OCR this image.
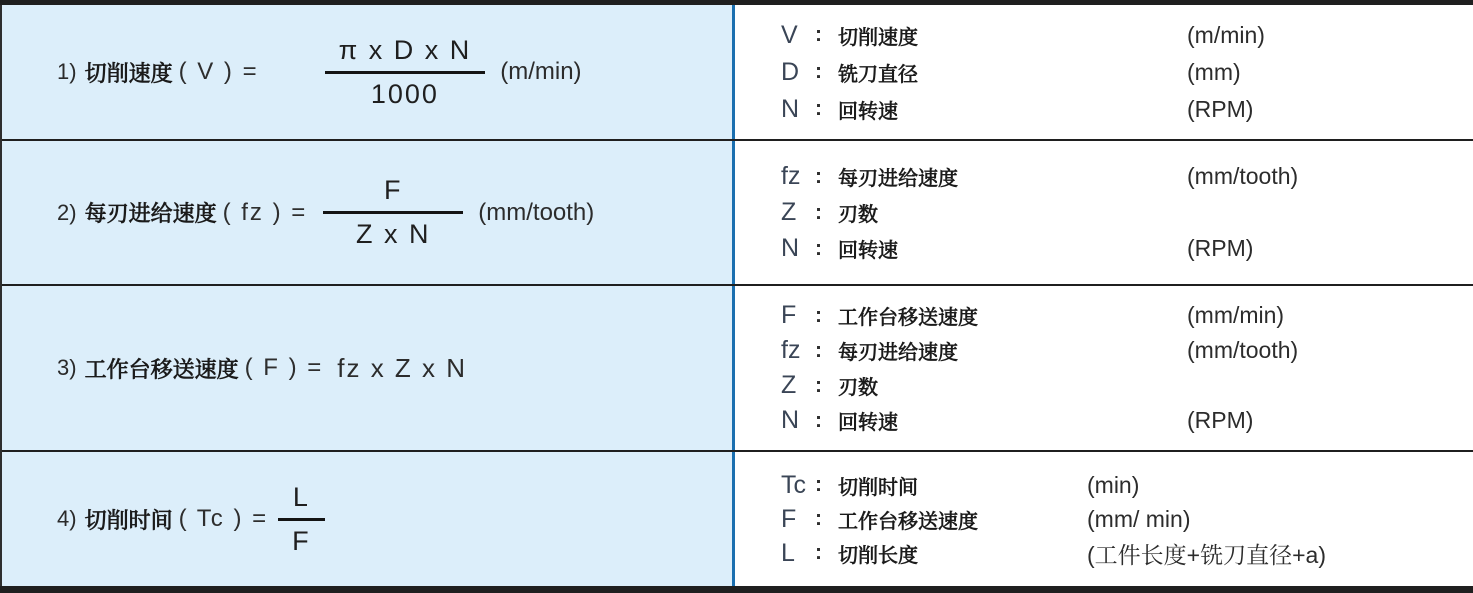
1) 切削速度 ( V ) = $\frac{\text{π x D x N}}{1000} (m/\min)$
V : 切削速度	(m/min)
D : 铣刀直径	(mm)
N : 回转速	(RPM)
2) 每刃进给速度 ( fz ) = $\frac{F}{\text{Z x N}}$ (mm/tooth)
fz : 每刃进给速度	(mm/tooth)
Z : 刃数
N : 回转速	(RPM)
3) 工作台移送速度 ( F ) = fz x Z x N
F : 工作台移送速度	(mm/min)
fz : 每刃进给速度	(mm/tooth)
Z : 刃数
N : 回转速	(RPM)
4) 切削时间 ( Tc ) = $\frac{L}{F}$	Tc : 切削时间	(min)
F : 工作台移送速度	(mm/ min)
L : 切削长度	(工件长度+铣刀直径+a)
